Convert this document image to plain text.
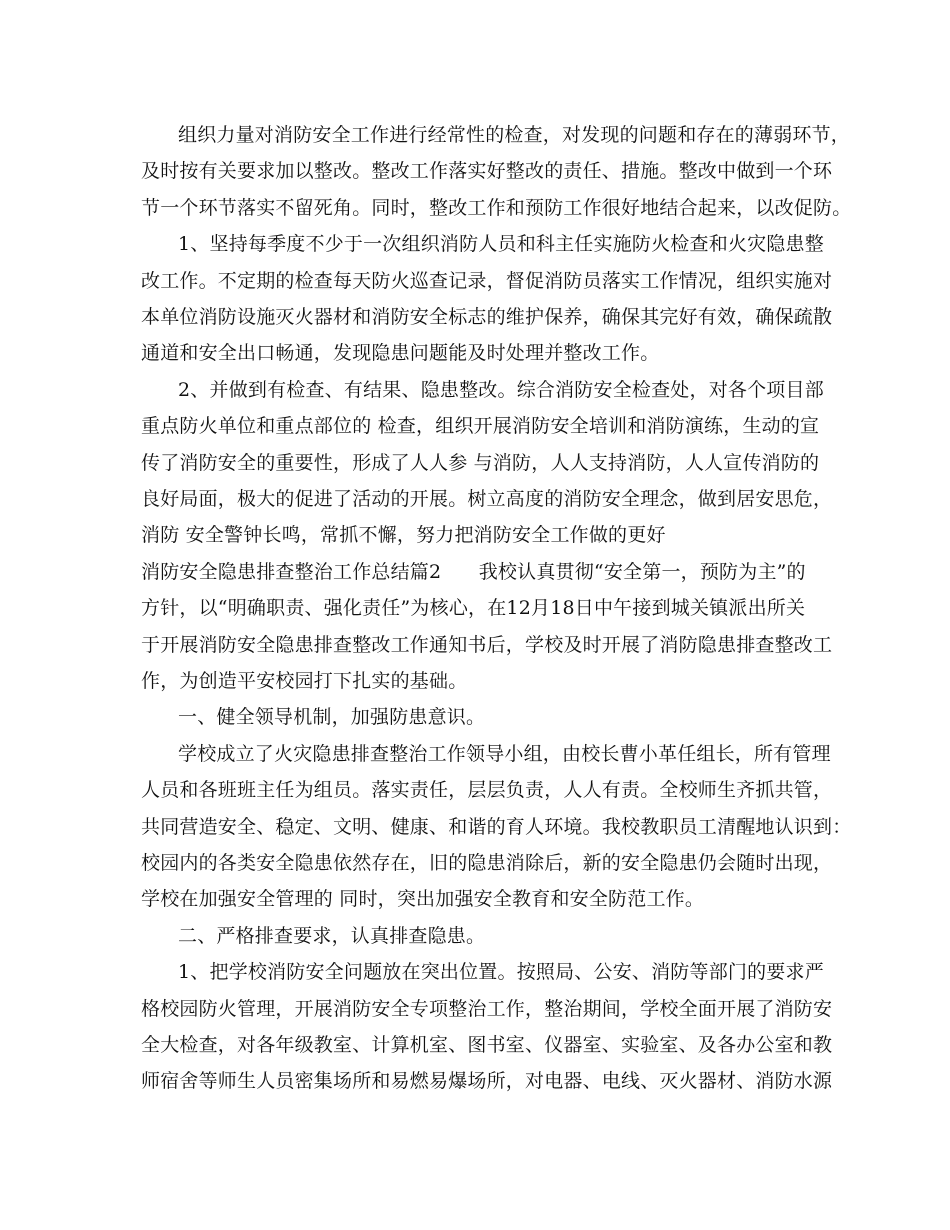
组织力量对消防安全工作进行经常性的检查，对发现的问题和存在的薄弱环节，
及时按有关要求加以整改。整改工作落实好整改的责任、措施。整改中做到一个环
节一个环节落实不留死角。同时，整改工作和预防工作很好地结合起来，以改促防。
1、坚持每季度不少于一次组织消防人员和科主任实施防火检查和火灾隐患整
改工作。不定期的检查每天防火巡查记录，督促消防员落实工作情况，组织实施对
本单位消防设施灭火器材和消防安全标志的维护保养，确保其完好有效，确保疏散
通道和安全出口畅通，发现隐患问题能及时处理并整改工作。
2、并做到有检查、有结果、隐患整改。综合消防安全检查处，对各个项目部
重点防火单位和重点部位的 检查，组织开展消防安全培训和消防演练，生动的宣
传了消防安全的重要性，形成了人人参 与消防，人人支持消防，人人宣传消防的
良好局面，极大的促进了活动的开展。树立高度的消防安全理念，做到居安思危，
消防 安全警钟长鸣，常抓不懈，努力把消防安全工作做的更好
消防安全隐患排查整治工作总结篇2      我校认真贯彻“安全第一，预防为主”的
方针，以“明确职责、强化责任”为核心，在12月18日中午接到城关镇派出所关
于开展消防安全隐患排查整改工作通知书后，学校及时开展了消防隐患排查整改工
作，为创造平安校园打下扎实的基础。
一、健全领导机制，加强防患意识。
学校成立了火灾隐患排查整治工作领导小组，由校长曹小革任组长，所有管理
人员和各班班主任为组员。落实责任，层层负责，人人有责。全校师生齐抓共管，
共同营造安全、稳定、文明、健康、和谐的育人环境。我校教职员工清醒地认识到：
校园内的各类安全隐患依然存在，旧的隐患消除后，新的安全隐患仍会随时出现，
学校在加强安全管理的 同时，突出加强安全教育和安全防范工作。
二、严格排查要求，认真排查隐患。
1、把学校消防安全问题放在突出位置。按照局、公安、消防等部门的要求严
格校园防火管理，开展消防安全专项整治工作，整治期间，学校全面开展了消防安
全大检查，对各年级教室、计算机室、图书室、仪器室、实验室、及各办公室和教
师宿舍等师生人员密集场所和易燃易爆场所，对电器、电线、灭火器材、消防水源
